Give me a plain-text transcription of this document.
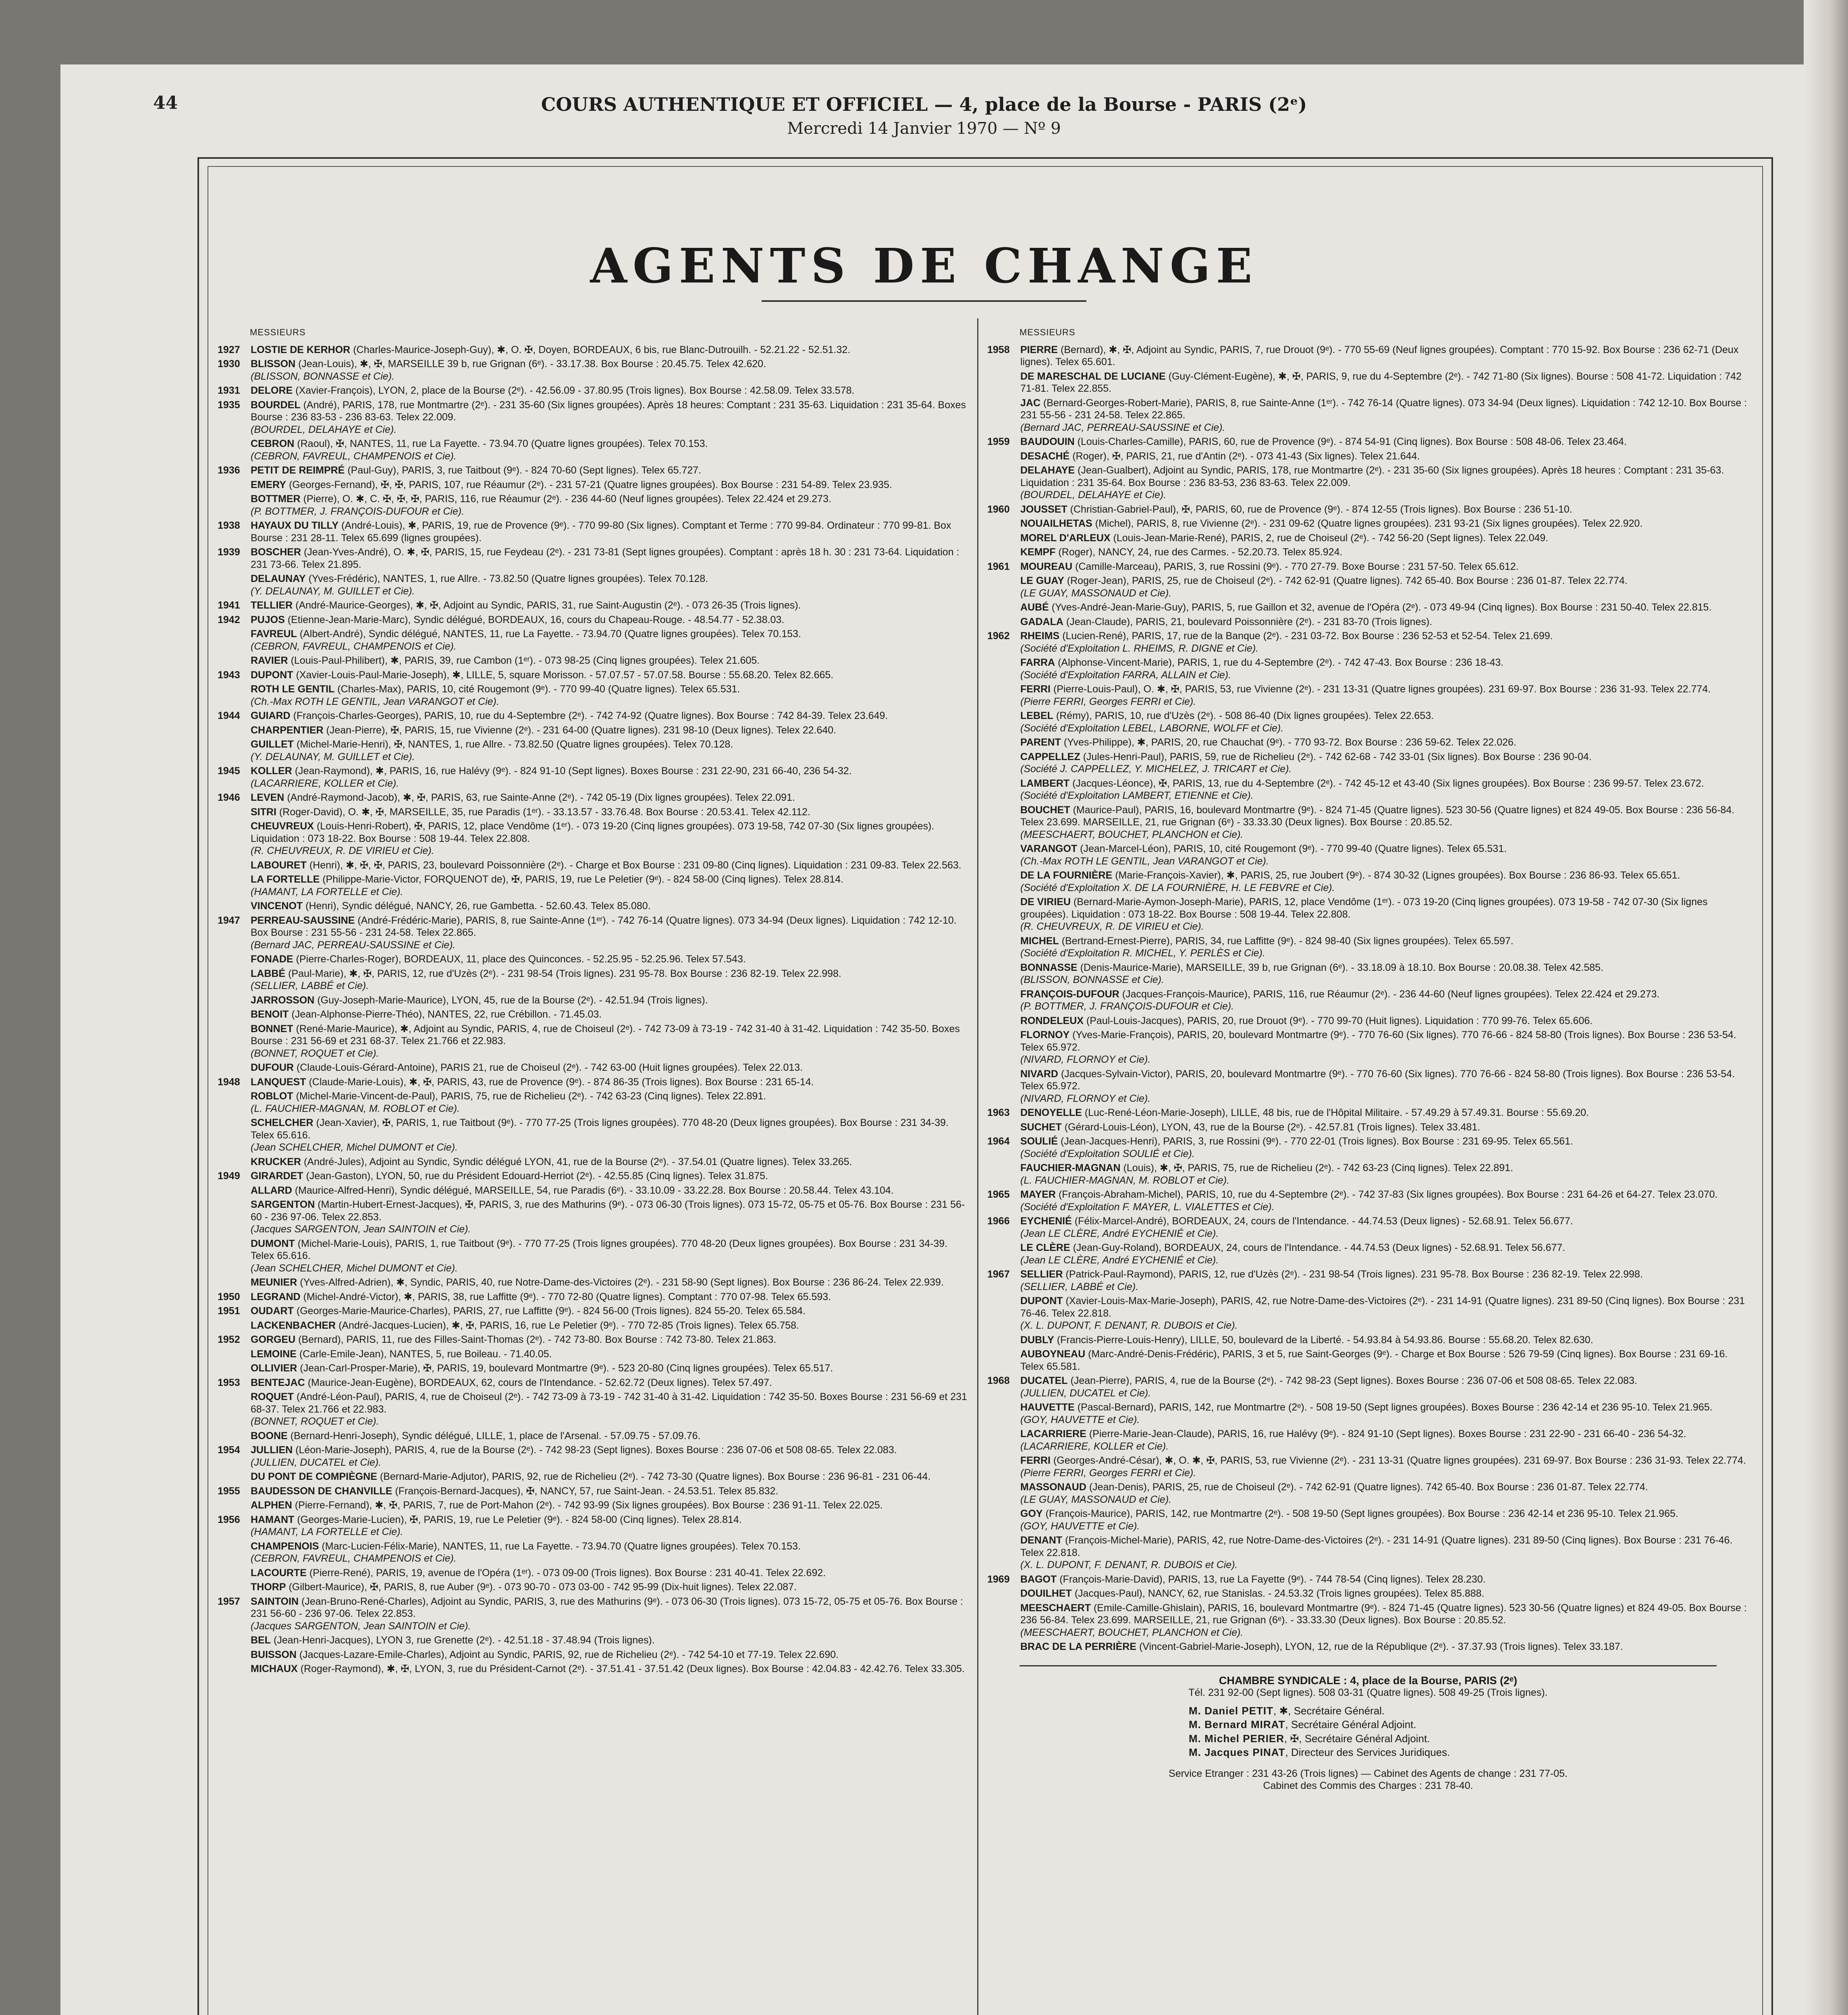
44	COURS AUTHENTIQUE ET OFFICIEL — 4, place de la Bourse - PARIS (2ᵉ)
Mercredi 14 Janvier 1970 — Nº 9
AGENTS DE CHANGE
MESSIEURS
1927	LOSTIE DE KERHOR (Charles-Maurice-Joseph-Guy), ✱, O. ✠, Doyen, BORDEAUX, 6 bis, rue Blanc-Dutrouilh. - 52.21.22 - 52.51.32.
1930	BLISSON (Jean-Louis), ✱, ✠, MARSEILLE 39 b, rue Grignan (6ᵉ). - 33.17.38. Box Bourse : 20.45.75. Telex 42.620.
(BLISSON, BONNASSE et Cie).
1931	DELORE (Xavier-François), LYON, 2, place de la Bourse (2ᵉ). - 42.56.09 - 37.80.95 (Trois lignes). Box Bourse : 42.58.09. Telex 33.578.
1935	BOURDEL (André), PARIS, 178, rue Montmartre (2ᵉ). - 231 35-60 (Six lignes groupées). Après 18 heures: Comptant : 231 35-63. Liquidation : 231 35-64. Boxes Bourse : 236 83-53 - 236 83-63. Telex 22.009.
(BOURDEL, DELAHAYE et Cie).
CEBRON (Raoul), ✠, NANTES, 11, rue La Fayette. - 73.94.70 (Quatre lignes groupées). Telex 70.153.
(CEBRON, FAVREUL, CHAMPENOIS et Cie).
1936	PETIT DE REIMPRÉ (Paul-Guy), PARIS, 3, rue Taitbout (9ᵉ). - 824 70-60 (Sept lignes). Telex 65.727.
EMERY (Georges-Fernand), ✠, ✠, PARIS, 107, rue Réaumur (2ᵉ). - 231 57-21 (Quatre lignes groupées). Box Bourse : 231 54-89. Telex 23.935.
BOTTMER (Pierre), O. ✱, C. ✠, ✠, ✠, PARIS, 116, rue Réaumur (2ᵉ). - 236 44-60 (Neuf lignes groupées). Telex 22.424 et 29.273.
(P. BOTTMER, J. FRANÇOIS-DUFOUR et Cie).
1938	HAYAUX DU TILLY (André-Louis), ✱, PARIS, 19, rue de Provence (9ᵉ). - 770 99-80 (Six lignes). Comptant et Terme : 770 99-84. Ordinateur : 770 99-81. Box Bourse : 231 28-11. Telex 65.699 (lignes groupées).
1939	BOSCHER (Jean-Yves-André), O. ✱, ✠, PARIS, 15, rue Feydeau (2ᵉ). - 231 73-81 (Sept lignes groupées). Comptant : après 18 h. 30 : 231 73-64. Liquidation : 231 73-66. Telex 21.895.
DELAUNAY (Yves-Frédéric), NANTES, 1, rue Allre. - 73.82.50 (Quatre lignes groupées). Telex 70.128.
(Y. DELAUNAY, M. GUILLET et Cie).
1941	TELLIER (André-Maurice-Georges), ✱, ✠, Adjoint au Syndic, PARIS, 31, rue Saint-Augustin (2ᵉ). - 073 26-35 (Trois lignes).
1942	PUJOS (Etienne-Jean-Marie-Marc), Syndic délégué, BORDEAUX, 16, cours du Chapeau-Rouge. - 48.54.77 - 52.38.03.
FAVREUL (Albert-André), Syndic délégué, NANTES, 11, rue La Fayette. - 73.94.70 (Quatre lignes groupées). Telex 70.153.
(CEBRON, FAVREUL, CHAMPENOIS et Cie).
RAVIER (Louis-Paul-Philibert), ✱, PARIS, 39, rue Cambon (1ᵉʳ). - 073 98-25 (Cinq lignes groupées). Telex 21.605.
1943	DUPONT (Xavier-Louis-Paul-Marie-Joseph), ✱, LILLE, 5, square Morisson. - 57.07.57 - 57.07.58. Bourse : 55.68.20. Telex 82.665.
ROTH LE GENTIL (Charles-Max), PARIS, 10, cité Rougemont (9ᵉ). - 770 99-40 (Quatre lignes). Telex 65.531.
(Ch.-Max ROTH LE GENTIL, Jean VARANGOT et Cie).
1944	GUIARD (François-Charles-Georges), PARIS, 10, rue du 4-Septembre (2ᵉ). - 742 74-92 (Quatre lignes). Box Bourse : 742 84-39. Telex 23.649.
CHARPENTIER (Jean-Pierre), ✠, PARIS, 15, rue Vivienne (2ᵉ). - 231 64-00 (Quatre lignes). 231 98-10 (Deux lignes). Telex 22.640.
GUILLET (Michel-Marie-Henri), ✠, NANTES, 1, rue Allre. - 73.82.50 (Quatre lignes groupées). Telex 70.128.
(Y. DELAUNAY, M. GUILLET et Cie).
1945	KOLLER (Jean-Raymond), ✱, PARIS, 16, rue Halévy (9ᵉ). - 824 91-10 (Sept lignes). Boxes Bourse : 231 22-90, 231 66-40, 236 54-32.
(LACARRIERE, KOLLER et Cie).
1946	LEVEN (André-Raymond-Jacob), ✱, ✠, PARIS, 63, rue Sainte-Anne (2ᵉ). - 742 05-19 (Dix lignes groupées). Telex 22.091.
SITRI (Roger-David), O. ✱, ✠, MARSEILLE, 35, rue Paradis (1ᵉʳ). - 33.13.57 - 33.76.48. Box Bourse : 20.53.41. Telex 42.112.
CHEUVREUX (Louis-Henri-Robert), ✠, PARIS, 12, place Vendôme (1ᵉʳ). - 073 19-20 (Cinq lignes groupées). 073 19-58, 742 07-30 (Six lignes groupées). Liquidation : 073 18-22. Box Bourse : 508 19-44. Telex 22.808.
(R. CHEUVREUX, R. DE VIRIEU et Cie).
LABOURET (Henri), ✱, ✠, ✠, PARIS, 23, boulevard Poissonnière (2ᵉ). - Charge et Box Bourse : 231 09-80 (Cinq lignes). Liquidation : 231 09-83. Telex 22.563.
LA FORTELLE (Philippe-Marie-Victor, FORQUENOT de), ✠, PARIS, 19, rue Le Peletier (9ᵉ). - 824 58-00 (Cinq lignes). Telex 28.814.
(HAMANT, LA FORTELLE et Cie).
VINCENOT (Henri), Syndic délégué, NANCY, 26, rue Gambetta. - 52.60.43. Telex 85.080.
1947	PERREAU-SAUSSINE (André-Frédéric-Marie), PARIS, 8, rue Sainte-Anne (1ᵉʳ). - 742 76-14 (Quatre lignes). 073 34-94 (Deux lignes). Liquidation : 742 12-10. Box Bourse : 231 55-56 - 231 24-58. Telex 22.865.
(Bernard JAC, PERREAU-SAUSSINE et Cie).
FONADE (Pierre-Charles-Roger), BORDEAUX, 11, place des Quinconces. - 52.25.95 - 52.25.96. Telex 57.543.
LABBÉ (Paul-Marie), ✱, ✠, PARIS, 12, rue d'Uzès (2ᵉ). - 231 98-54 (Trois lignes). 231 95-78. Box Bourse : 236 82-19. Telex 22.998.
(SELLIER, LABBÉ et Cie).
JARROSSON (Guy-Joseph-Marie-Maurice), LYON, 45, rue de la Bourse (2ᵉ). - 42.51.94 (Trois lignes).
BENOIT (Jean-Alphonse-Pierre-Théo), NANTES, 22, rue Crébillon. - 71.45.03.
BONNET (René-Marie-Maurice), ✱, Adjoint au Syndic, PARIS, 4, rue de Choiseul (2ᵉ). - 742 73-09 à 73-19 - 742 31-40 à 31-42. Liquidation : 742 35-50. Boxes Bourse : 231 56-69 et 231 68-37. Telex 21.766 et 22.983.
(BONNET, ROQUET et Cie).
DUFOUR (Claude-Louis-Gérard-Antoine), PARIS 21, rue de Choiseul (2ᵉ). - 742 63-00 (Huit lignes groupées). Telex 22.013.
1948	LANQUEST (Claude-Marie-Louis), ✱, ✠, PARIS, 43, rue de Provence (9ᵉ). - 874 86-35 (Trois lignes). Box Bourse : 231 65-14.
ROBLOT (Michel-Marie-Vincent-de-Paul), PARIS, 75, rue de Richelieu (2ᵉ). - 742 63-23 (Cinq lignes). Telex 22.891.
(L. FAUCHIER-MAGNAN, M. ROBLOT et Cie).
SCHELCHER (Jean-Xavier), ✠, PARIS, 1, rue Taitbout (9ᵉ). - 770 77-25 (Trois lignes groupées). 770 48-20 (Deux lignes groupées). Box Bourse : 231 34-39. Telex 65.616.
(Jean SCHELCHER, Michel DUMONT et Cie).
KRUCKER (André-Jules), Adjoint au Syndic, Syndic délégué LYON, 41, rue de la Bourse (2ᵉ). - 37.54.01 (Quatre lignes). Telex 33.265.
1949	GIRARDET (Jean-Gaston), LYON, 50, rue du Président Edouard-Herriot (2ᵉ). - 42.55.85 (Cinq lignes). Telex 31.875.
ALLARD (Maurice-Alfred-Henri), Syndic délégué, MARSEILLE, 54, rue Paradis (6ᵉ). - 33.10.09 - 33.22.28. Box Bourse : 20.58.44. Telex 43.104.
SARGENTON (Martin-Hubert-Ernest-Jacques), ✠, PARIS, 3, rue des Mathurins (9ᵉ). - 073 06-30 (Trois lignes). 073 15-72, 05-75 et 05-76. Box Bourse : 231 56-60 - 236 97-06. Telex 22.853.
(Jacques SARGENTON, Jean SAINTOIN et Cie).
DUMONT (Michel-Marie-Louis), PARIS, 1, rue Taitbout (9ᵉ). - 770 77-25 (Trois lignes groupées). 770 48-20 (Deux lignes groupées). Box Bourse : 231 34-39. Telex 65.616.
(Jean SCHELCHER, Michel DUMONT et Cie).
MEUNIER (Yves-Alfred-Adrien), ✱, Syndic, PARIS, 40, rue Notre-Dame-des-Victoires (2ᵉ). - 231 58-90 (Sept lignes). Box Bourse : 236 86-24. Telex 22.939.
1950	LEGRAND (Michel-André-Victor), ✱, PARIS, 38, rue Laffitte (9ᵉ). - 770 72-80 (Quatre lignes). Comptant : 770 07-98. Telex 65.593.
1951	OUDART (Georges-Marie-Maurice-Charles), PARIS, 27, rue Laffitte (9ᵉ). - 824 56-00 (Trois lignes). 824 55-20. Telex 65.584.
LACKENBACHER (André-Jacques-Lucien), ✱, ✠, PARIS, 16, rue Le Peletier (9ᵉ). - 770 72-85 (Trois lignes). Telex 65.758.
1952	GORGEU (Bernard), PARIS, 11, rue des Filles-Saint-Thomas (2ᵉ). - 742 73-80. Box Bourse : 742 73-80. Telex 21.863.
LEMOINE (Carle-Emile-Jean), NANTES, 5, rue Boileau. - 71.40.05.
OLLIVIER (Jean-Carl-Prosper-Marie), ✠, PARIS, 19, boulevard Montmartre (9ᵉ). - 523 20-80 (Cinq lignes groupées). Telex 65.517.
1953	BENTEJAC (Maurice-Jean-Eugène), BORDEAUX, 62, cours de l'Intendance. - 52.62.72 (Deux lignes). Telex 57.497.
ROQUET (André-Léon-Paul), PARIS, 4, rue de Choiseul (2ᵉ). - 742 73-09 à 73-19 - 742 31-40 à 31-42. Liquidation : 742 35-50. Boxes Bourse : 231 56-69 et 231 68-37. Telex 21.766 et 22.983.
(BONNET, ROQUET et Cie).
BOONE (Bernard-Henri-Joseph), Syndic délégué, LILLE, 1, place de l'Arsenal. - 57.09.75 - 57.09.76.
1954	JULLIEN (Léon-Marie-Joseph), PARIS, 4, rue de la Bourse (2ᵉ). - 742 98-23 (Sept lignes). Boxes Bourse : 236 07-06 et 508 08-65. Telex 22.083.
(JULLIEN, DUCATEL et Cie).
DU PONT DE COMPIÈGNE (Bernard-Marie-Adjutor), PARIS, 92, rue de Richelieu (2ᵉ). - 742 73-30 (Quatre lignes). Box Bourse : 236 96-81 - 231 06-44.
1955	BAUDESSON DE CHANVILLE (François-Bernard-Jacques), ✠, NANCY, 57, rue Saint-Jean. - 24.53.51. Telex 85.832.
ALPHEN (Pierre-Fernand), ✱, ✠, PARIS, 7, rue de Port-Mahon (2ᵉ). - 742 93-99 (Six lignes groupées). Box Bourse : 236 91-11. Telex 22.025.
1956	HAMANT (Georges-Marie-Lucien), ✠, PARIS, 19, rue Le Peletier (9ᵉ). - 824 58-00 (Cinq lignes). Telex 28.814.
(HAMANT, LA FORTELLE et Cie).
CHAMPENOIS (Marc-Lucien-Félix-Marie), NANTES, 11, rue La Fayette. - 73.94.70 (Quatre lignes groupées). Telex 70.153.
(CEBRON, FAVREUL, CHAMPENOIS et Cie).
LACOURTE (Pierre-René), PARIS, 19, avenue de l'Opéra (1ᵉʳ). - 073 09-00 (Trois lignes). Box Bourse : 231 40-41. Telex 22.692.
THORP (Gilbert-Maurice), ✠, PARIS, 8, rue Auber (9ᵉ). - 073 90-70 - 073 03-00 - 742 95-99 (Dix-huit lignes). Telex 22.087.
1957	SAINTOIN (Jean-Bruno-René-Charles), Adjoint au Syndic, PARIS, 3, rue des Mathurins (9ᵉ). - 073 06-30 (Trois lignes). 073 15-72, 05-75 et 05-76. Box Bourse : 231 56-60 - 236 97-06. Telex 22.853.
(Jacques SARGENTON, Jean SAINTOIN et Cie).
BEL (Jean-Henri-Jacques), LYON 3, rue Grenette (2ᵉ). - 42.51.18 - 37.48.94 (Trois lignes).
BUISSON (Jacques-Lazare-Emile-Charles), Adjoint au Syndic, PARIS, 92, rue de Richelieu (2ᵉ). - 742 54-10 et 77-19. Telex 22.690.
MICHAUX (Roger-Raymond), ✱, ✠, LYON, 3, rue du Président-Carnot (2ᵉ). - 37.51.41 - 37.51.42 (Deux lignes). Box Bourse : 42.04.83 - 42.42.76. Telex 33.305.
MESSIEURS
1958	PIERRE (Bernard), ✱, ✠, Adjoint au Syndic, PARIS, 7, rue Drouot (9ᵉ). - 770 55-69 (Neuf lignes groupées). Comptant : 770 15-92. Box Bourse : 236 62-71 (Deux lignes). Telex 65.601.
DE MARESCHAL DE LUCIANE (Guy-Clément-Eugène), ✱, ✠, PARIS, 9, rue du 4-Septembre (2ᵉ). - 742 71-80 (Six lignes). Bourse : 508 41-72. Liquidation : 742 71-81. Telex 22.855.
JAC (Bernard-Georges-Robert-Marie), PARIS, 8, rue Sainte-Anne (1ᵉʳ). - 742 76-14 (Quatre lignes). 073 34-94 (Deux lignes). Liquidation : 742 12-10. Box Bourse : 231 55-56 - 231 24-58. Telex 22.865.
(Bernard JAC, PERREAU-SAUSSINE et Cie).
1959	BAUDOUIN (Louis-Charles-Camille), PARIS, 60, rue de Provence (9ᵉ). - 874 54-91 (Cinq lignes). Box Bourse : 508 48-06. Telex 23.464.
DESACHÉ (Roger), ✠, PARIS, 21, rue d'Antin (2ᵉ). - 073 41-43 (Six lignes). Telex 21.644.
DELAHAYE (Jean-Gualbert), Adjoint au Syndic, PARIS, 178, rue Montmartre (2ᵉ). - 231 35-60 (Six lignes groupées). Après 18 heures : Comptant : 231 35-63. Liquidation : 231 35-64. Box Bourse : 236 83-53, 236 83-63. Telex 22.009.
(BOURDEL, DELAHAYE et Cie).
1960	JOUSSET (Christian-Gabriel-Paul), ✠, PARIS, 60, rue de Provence (9ᵉ). - 874 12-55 (Trois lignes). Box Bourse : 236 51-10.
NOUAILHETAS (Michel), PARIS, 8, rue Vivienne (2ᵉ). - 231 09-62 (Quatre lignes groupées). 231 93-21 (Six lignes groupées). Telex 22.920.
MOREL D'ARLEUX (Louis-Jean-Marie-René), PARIS, 2, rue de Choiseul (2ᵉ). - 742 56-20 (Sept lignes). Telex 22.049.
KEMPF (Roger), NANCY, 24, rue des Carmes. - 52.20.73. Telex 85.924.
1961	MOUREAU (Camille-Marceau), PARIS, 3, rue Rossini (9ᵉ). - 770 27-79. Boxe Bourse : 231 57-50. Telex 65.612.
LE GUAY (Roger-Jean), PARIS, 25, rue de Choiseul (2ᵉ). - 742 62-91 (Quatre lignes). 742 65-40. Box Bourse : 236 01-87. Telex 22.774.
(LE GUAY, MASSONAUD et Cie).
AUBÉ (Yves-André-Jean-Marie-Guy), PARIS, 5, rue Gaillon et 32, avenue de l'Opéra (2ᵉ). - 073 49-94 (Cinq lignes). Box Bourse : 231 50-40. Telex 22.815.
GADALA (Jean-Claude), PARIS, 21, boulevard Poissonnière (2ᵉ). - 231 83-70 (Trois lignes).
1962	RHEIMS (Lucien-René), PARIS, 17, rue de la Banque (2ᵉ). - 231 03-72. Box Bourse : 236 52-53 et 52-54. Telex 21.699.
(Société d'Exploitation L. RHEIMS, R. DIGNE et Cie).
FARRA (Alphonse-Vincent-Marie), PARIS, 1, rue du 4-Septembre (2ᵉ). - 742 47-43. Box Bourse : 236 18-43.
(Société d'Exploitation FARRA, ALLAIN et Cie).
FERRI (Pierre-Louis-Paul), O. ✱, ✠, PARIS, 53, rue Vivienne (2ᵉ). - 231 13-31 (Quatre lignes groupées). 231 69-97. Box Bourse : 236 31-93. Telex 22.774.
(Pierre FERRI, Georges FERRI et Cie).
LEBEL (Rémy), PARIS, 10, rue d'Uzès (2ᵉ). - 508 86-40 (Dix lignes groupées). Telex 22.653.
(Société d'Exploitation LEBEL, LABORNE, WOLFF et Cie).
PARENT (Yves-Philippe), ✱, PARIS, 20, rue Chauchat (9ᵉ). - 770 93-72. Box Bourse : 236 59-62. Telex 22.026.
CAPPELLEZ (Jules-Henri-Paul), PARIS, 59, rue de Richelieu (2ᵉ). - 742 62-68 - 742 33-01 (Six lignes). Box Bourse : 236 90-04.
(Société J. CAPPELLEZ, Y. MICHELEZ, J. TRICART et Cie).
LAMBERT (Jacques-Léonce), ✠, PARIS, 13, rue du 4-Septembre (2ᵉ). - 742 45-12 et 43-40 (Six lignes groupées). Box Bourse : 236 99-57. Telex 23.672.
(Société d'Exploitation LAMBERT, ETIENNE et Cie).
BOUCHET (Maurice-Paul), PARIS, 16, boulevard Montmartre (9ᵉ). - 824 71-45 (Quatre lignes). 523 30-56 (Quatre lignes) et 824 49-05. Box Bourse : 236 56-84. Telex 23.699. MARSEILLE, 21, rue Grignan (6ᵉ) - 33.33.30 (Deux lignes). Box Bourse : 20.85.52.
(MEESCHAERT, BOUCHET, PLANCHON et Cie).
VARANGOT (Jean-Marcel-Léon), PARIS, 10, cité Rougemont (9ᵉ). - 770 99-40 (Quatre lignes). Telex 65.531.
(Ch.-Max ROTH LE GENTIL, Jean VARANGOT et Cie).
DE LA FOURNIÈRE (Marie-François-Xavier), ✱, PARIS, 25, rue Joubert (9ᵉ). - 874 30-32 (Lignes groupées). Box Bourse : 236 86-93. Telex 65.651.
(Société d'Exploitation X. DE LA FOURNIÈRE, H. LE FEBVRE et Cie).
DE VIRIEU (Bernard-Marie-Aymon-Joseph-Marie), PARIS, 12, place Vendôme (1ᵉʳ). - 073 19-20 (Cinq lignes groupées). 073 19-58 - 742 07-30 (Six lignes groupées). Liquidation : 073 18-22. Box Bourse : 508 19-44. Telex 22.808.
(R. CHEUVREUX, R. DE VIRIEU et Cie).
MICHEL (Bertrand-Ernest-Pierre), PARIS, 34, rue Laffitte (9ᵉ). - 824 98-40 (Six lignes groupées). Telex 65.597.
(Société d'Exploitation R. MICHEL, Y. PERLÈS et Cie).
BONNASSE (Denis-Maurice-Marie), MARSEILLE, 39 b, rue Grignan (6ᵉ). - 33.18.09 à 18.10. Box Bourse : 20.08.38. Telex 42.585.
(BLISSON, BONNASSE et Cie).
FRANÇOIS-DUFOUR (Jacques-François-Maurice), PARIS, 116, rue Réaumur (2ᵉ). - 236 44-60 (Neuf lignes groupées). Telex 22.424 et 29.273.
(P. BOTTMER, J. FRANÇOIS-DUFOUR et Cie).
RONDELEUX (Paul-Louis-Jacques), PARIS, 20, rue Drouot (9ᵉ). - 770 99-70 (Huit lignes). Liquidation : 770 99-76. Telex 65.606.
FLORNOY (Yves-Marie-François), PARIS, 20, boulevard Montmartre (9ᵉ). - 770 76-60 (Six lignes). 770 76-66 - 824 58-80 (Trois lignes). Box Bourse : 236 53-54. Telex 65.972.
(NIVARD, FLORNOY et Cie).
NIVARD (Jacques-Sylvain-Victor), PARIS, 20, boulevard Montmartre (9ᵉ). - 770 76-60 (Six lignes). 770 76-66 - 824 58-80 (Trois lignes). Box Bourse : 236 53-54. Telex 65.972.
(NIVARD, FLORNOY et Cie).
1963	DENOYELLE (Luc-René-Léon-Marie-Joseph), LILLE, 48 bis, rue de l'Hôpital Militaire. - 57.49.29 à 57.49.31. Bourse : 55.69.20.
SUCHET (Gérard-Louis-Léon), LYON, 43, rue de la Bourse (2ᵉ). - 42.57.81 (Trois lignes). Telex 33.481.
1964	SOULIÉ (Jean-Jacques-Henri), PARIS, 3, rue Rossini (9ᵉ). - 770 22-01 (Trois lignes). Box Bourse : 231 69-95. Telex 65.561.
(Société d'Exploitation SOULIÉ et Cie).
FAUCHIER-MAGNAN (Louis), ✱, ✠, PARIS, 75, rue de Richelieu (2ᵉ). - 742 63-23 (Cinq lignes). Telex 22.891.
(L. FAUCHIER-MAGNAN, M. ROBLOT et Cie).
1965	MAYER (François-Abraham-Michel), PARIS, 10, rue du 4-Septembre (2ᵉ). - 742 37-83 (Six lignes groupées). Box Bourse : 231 64-26 et 64-27. Telex 23.070.
(Société d'Exploitation F. MAYER, L. VIALETTES et Cie).
1966	EYCHENIÉ (Félix-Marcel-André), BORDEAUX, 24, cours de l'Intendance. - 44.74.53 (Deux lignes) - 52.68.91. Telex 56.677.
(Jean LE CLÈRE, André EYCHENIÉ et Cie).
LE CLÈRE (Jean-Guy-Roland), BORDEAUX, 24, cours de l'Intendance. - 44.74.53 (Deux lignes) - 52.68.91. Telex 56.677.
(Jean LE CLÈRE, André EYCHENIÉ et Cie).
1967	SELLIER (Patrick-Paul-Raymond), PARIS, 12, rue d'Uzès (2ᵉ). - 231 98-54 (Trois lignes). 231 95-78. Box Bourse : 236 82-19. Telex 22.998.
(SELLIER, LABBÉ et Cie).
DUPONT (Xavier-Louis-Max-Marie-Joseph), PARIS, 42, rue Notre-Dame-des-Victoires (2ᵉ). - 231 14-91 (Quatre lignes). 231 89-50 (Cinq lignes). Box Bourse : 231 76-46. Telex 22.818.
(X. L. DUPONT, F. DENANT, R. DUBOIS et Cie).
DUBLY (Francis-Pierre-Louis-Henry), LILLE, 50, boulevard de la Liberté. - 54.93.84 à 54.93.86. Bourse : 55.68.20. Telex 82.630.
AUBOYNEAU (Marc-André-Denis-Frédéric), PARIS, 3 et 5, rue Saint-Georges (9ᵉ). - Charge et Box Bourse : 526 79-59 (Cinq lignes). Box Bourse : 231 69-16. Telex 65.581.
1968	DUCATEL (Jean-Pierre), PARIS, 4, rue de la Bourse (2ᵉ). - 742 98-23 (Sept lignes). Boxes Bourse : 236 07-06 et 508 08-65. Telex 22.083.
(JULLIEN, DUCATEL et Cie).
HAUVETTE (Pascal-Bernard), PARIS, 142, rue Montmartre (2ᵉ). - 508 19-50 (Sept lignes groupées). Boxes Bourse : 236 42-14 et 236 95-10. Telex 21.965.
(GOY, HAUVETTE et Cie).
LACARRIERE (Pierre-Marie-Jean-Claude), PARIS, 16, rue Halévy (9ᵉ). - 824 91-10 (Sept lignes). Boxes Bourse : 231 22-90 - 231 66-40 - 236 54-32.
(LACARRIERE, KOLLER et Cie).
FERRI (Georges-André-César), ✱, O. ✱, ✠, PARIS, 53, rue Vivienne (2ᵉ). - 231 13-31 (Quatre lignes groupées). 231 69-97. Box Bourse : 236 31-93. Telex 22.774.
(Pierre FERRI, Georges FERRI et Cie).
MASSONAUD (Jean-Denis), PARIS, 25, rue de Choiseul (2ᵉ). - 742 62-91 (Quatre lignes). 742 65-40. Box Bourse : 236 01-87. Telex 22.774.
(LE GUAY, MASSONAUD et Cie).
GOY (François-Maurice), PARIS, 142, rue Montmartre (2ᵉ). - 508 19-50 (Sept lignes groupées). Box Bourse : 236 42-14 et 236 95-10. Telex 21.965.
(GOY, HAUVETTE et Cie).
DENANT (François-Michel-Marie), PARIS, 42, rue Notre-Dame-des-Victoires (2ᵉ). - 231 14-91 (Quatre lignes). 231 89-50 (Cinq lignes). Box Bourse : 231 76-46. Telex 22.818.
(X. L. DUPONT, F. DENANT, R. DUBOIS et Cie).
1969	BAGOT (François-Marie-David), PARIS, 13, rue La Fayette (9ᵉ). - 744 78-54 (Cinq lignes). Telex 28.230.
DOUILHET (Jacques-Paul), NANCY, 62, rue Stanislas. - 24.53.32 (Trois lignes groupées). Telex 85.888.
MEESCHAERT (Emile-Camille-Ghislain), PARIS, 16, boulevard Montmartre (9ᵉ). - 824 71-45 (Quatre lignes). 523 30-56 (Quatre lignes) et 824 49-05. Box Bourse : 236 56-84. Telex 23.699. MARSEILLE, 21, rue Grignan (6ᵉ). - 33.33.30 (Deux lignes). Box Bourse : 20.85.52.
(MEESCHAERT, BOUCHET, PLANCHON et Cie).
BRAC DE LA PERRIÈRE (Vincent-Gabriel-Marie-Joseph), LYON, 12, rue de la République (2ᵉ). - 37.37.93 (Trois lignes). Telex 33.187.
CHAMBRE SYNDICALE : 4, place de la Bourse, PARIS (2ᵉ)
Tél. 231 92-00 (Sept lignes). 508 03-31 (Quatre lignes). 508 49-25 (Trois lignes).
M. Daniel PETIT, ✱, Secrétaire Général.
M. Bernard MIRAT, Secrétaire Général Adjoint.
M. Michel PERIER, ✠, Secrétaire Général Adjoint.
M. Jacques PINAT, Directeur des Services Juridiques.
Service Etranger : 231 43-26 (Trois lignes) — Cabinet des Agents de change : 231 77-05.
Cabinet des Commis des Charges : 231 78-40.
